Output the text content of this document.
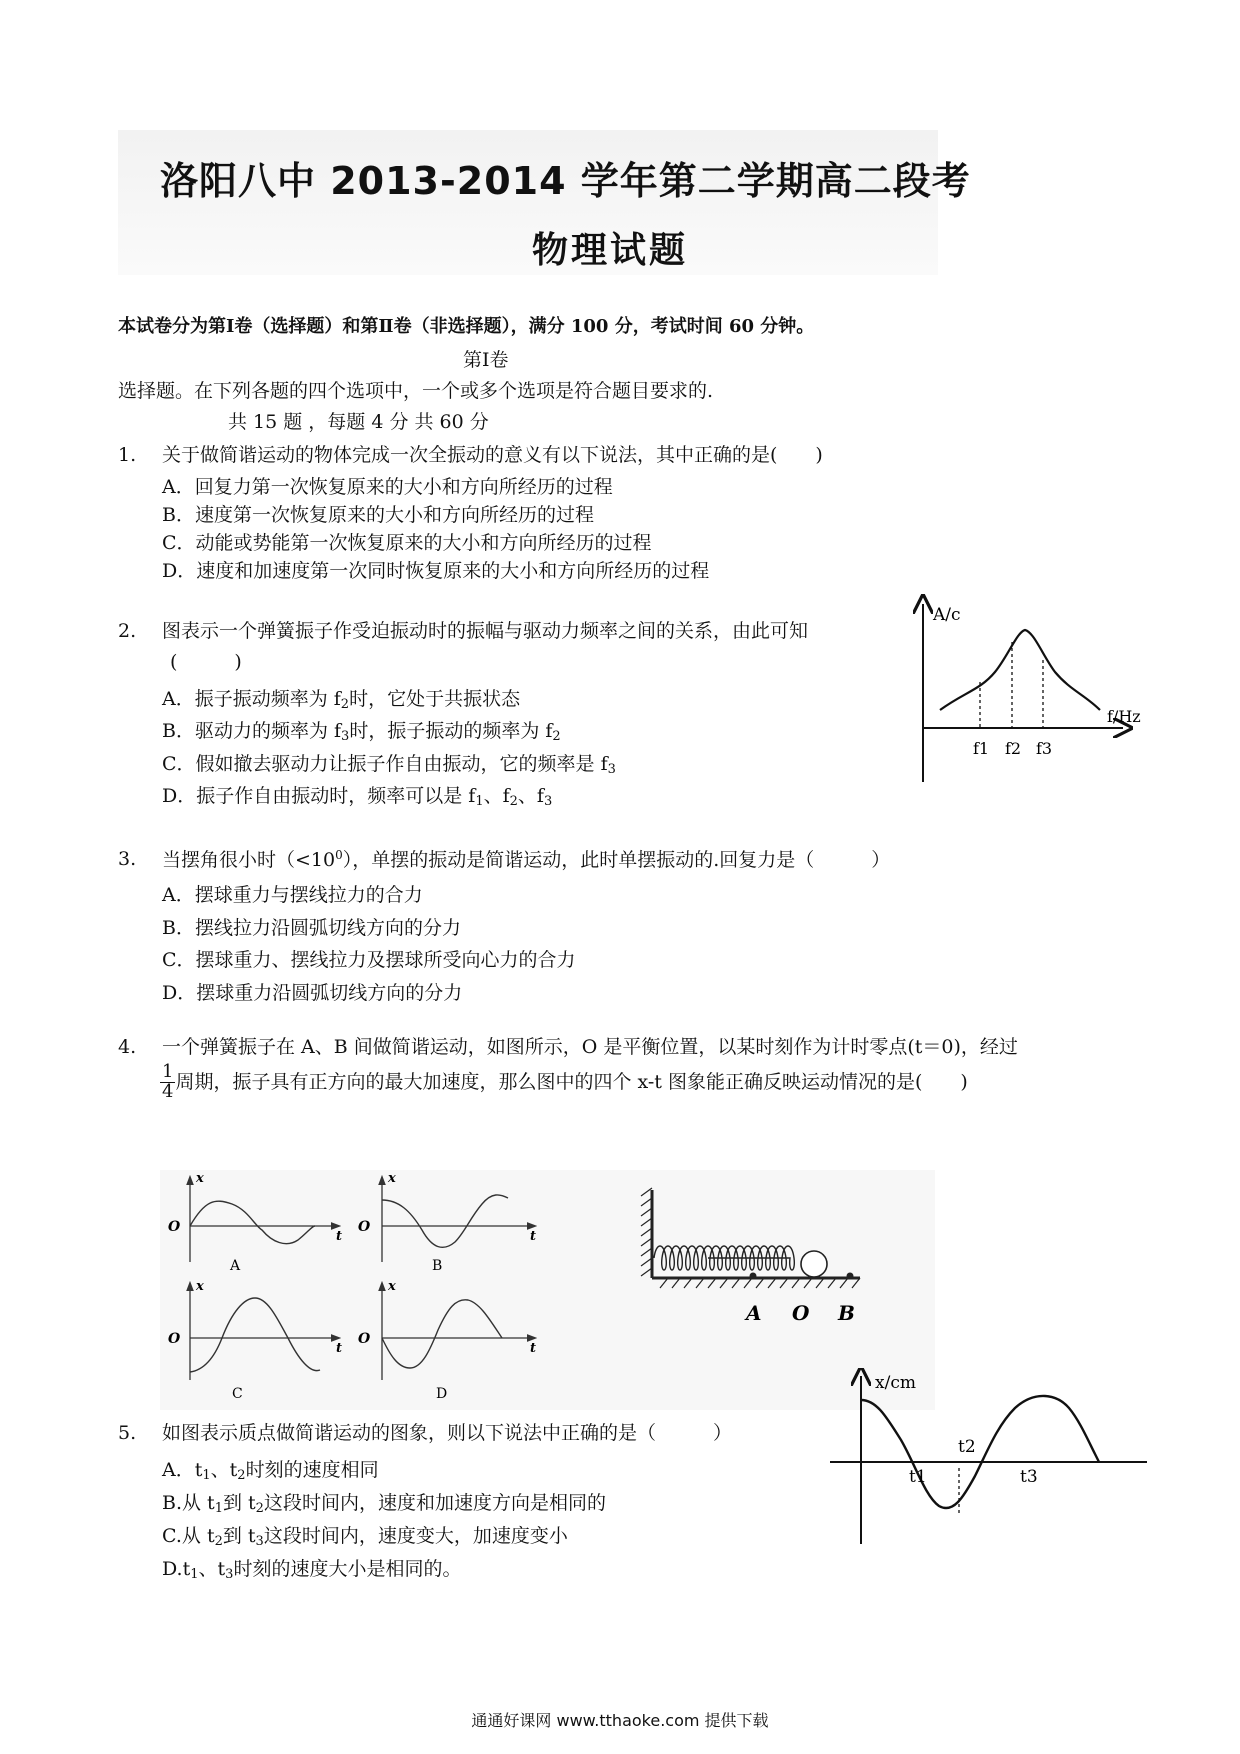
洛阳八中 2013-2014 学年第二学期高二段考
物理试题
本试卷分为第Ⅰ卷（选择题）和第Ⅱ卷（非选择题），满分 100 分，考试时间 60 分钟。
第Ⅰ卷
选择题。在下列各题的四个选项中，一个或多个选项是符合题目要求的.
共 15 题 ，每题 4 分 共 60 分
1. 关于做简谐运动的物体完成一次全振动的意义有以下说法，其中正确的是(　　)
A．回复力第一次恢复原来的大小和方向所经历的过程
B．速度第一次恢复原来的大小和方向所经历的过程
C．动能或势能第一次恢复原来的大小和方向所经历的过程
D．速度和加速度第一次同时恢复原来的大小和方向所经历的过程
2. 图表示一个弹簧振子作受迫振动时的振幅与驱动力频率之间的关系，由此可知
(　　　)
A．振子振动频率为 $f_2$时，它处于共振状态
B．驱动力的频率为 $f_3$时，振子振动的频率为 $f_2$
C．假如撤去驱动力让振子作自由振动，它的频率是 $f_3$
D．振子作自由振动时，频率可以是 $f_1$、$f_2$、$f_3$
A/c
f/Hz
f1 f2 f3
3. 当摆角很小时$(<10^0)$，单摆的振动是简谐运动，此时单摆振动的.回复力是（　　　）
A．摆球重力与摆线拉力的合力
B．摆线拉力沿圆弧切线方向的分力
C．摆球重力、摆线拉力及摆球所受向心力的合力
D．摆球重力沿圆弧切线方向的分力
4. 一个弹簧振子在 A、B 间做简谐运动，如图所示，O 是平衡位置，以某时刻作为计时零点(t＝0)，经过
$\frac{1}{4}$ 周期，振子具有正方向的最大加速度，那么图中的四个 x-t 图象能正确反映运动情况的是(　　)
x
O
t
A
x
O
t
B
x
O
t
C
x
O
t
D
A O B
5. 如图表示质点做简谐运动的图象，则以下说法中正确的是（　　　）
A．$t_1$、$t_2$时刻的速度相同
B.从 $t_1$到 $t_2$这段时间内，速度和加速度方向是相同的
C.从 $t_2$到 $t_3$这段时间内，速度变大，加速度变小
$D.t_1$、$t_3$时刻的速度大小是相同的。
x/cm
t1
t2
t3
通通好课网 www.tthaoke.com 提供下载
